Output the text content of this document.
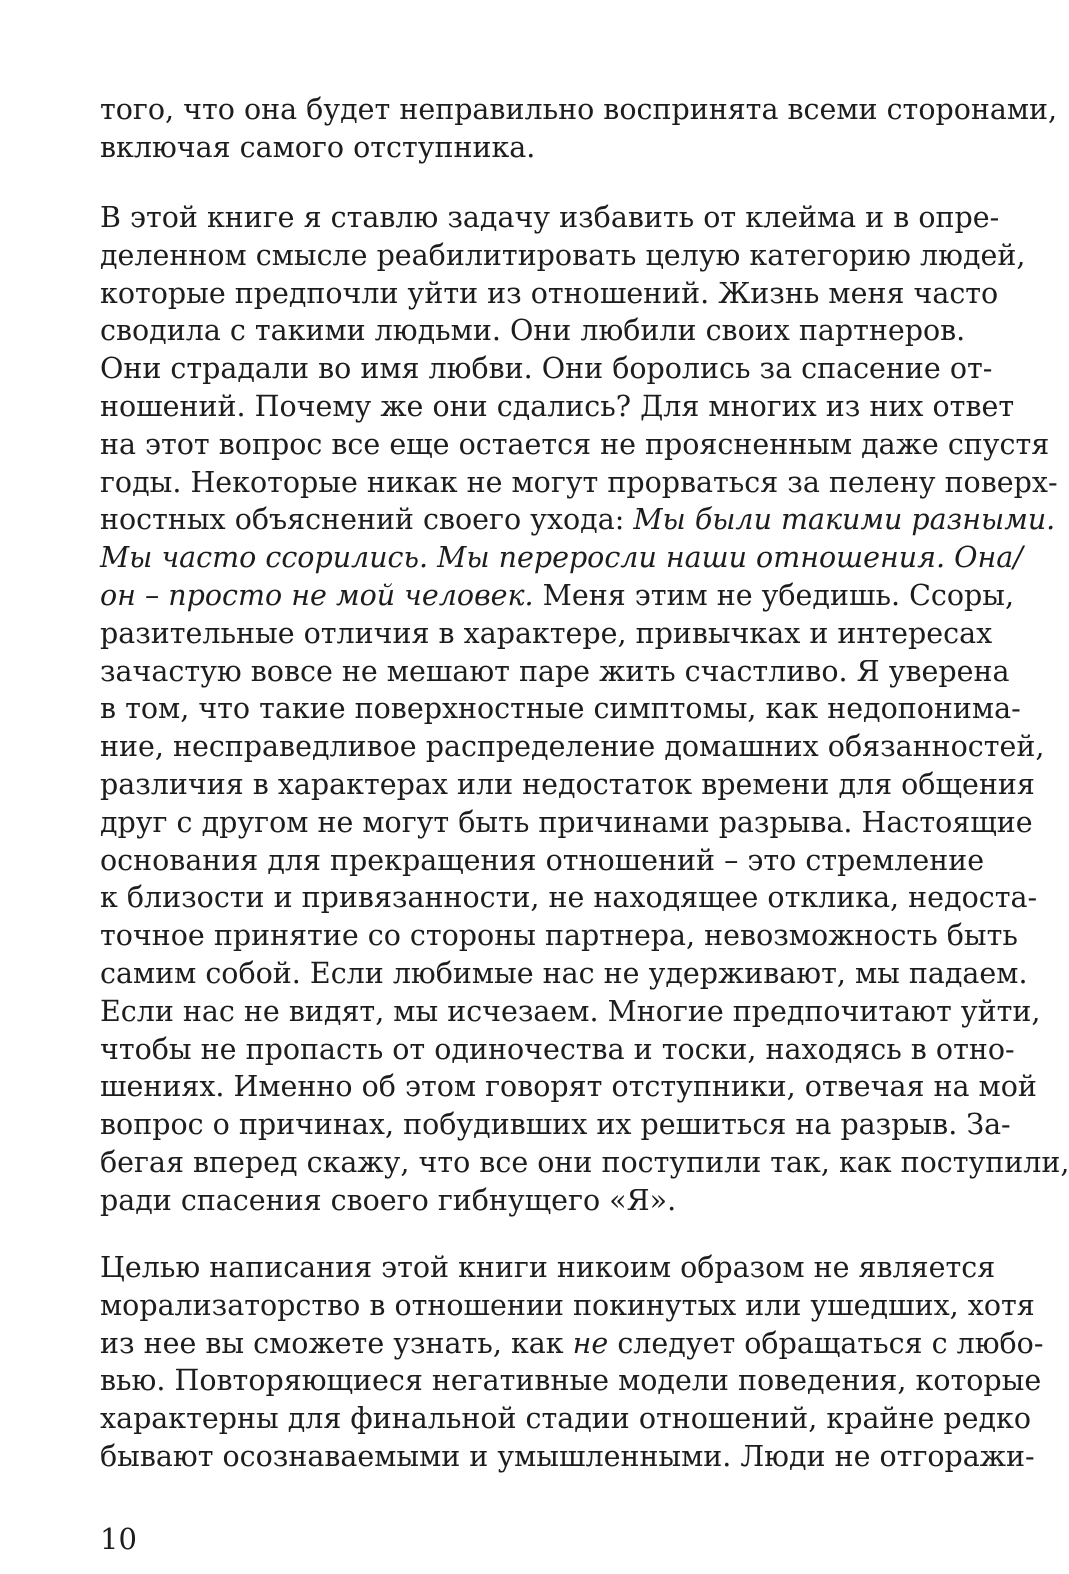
того, что она будет неправильно воспринята всеми сторонами,
включая самого отступника.
В этой книге я ставлю задачу избавить от клейма и в опре-
деленном смысле реабилитировать целую категорию людей,
которые предпочли уйти из отношений. Жизнь меня часто
сводила с такими людьми. Они любили своих партнеров.
Они страдали во имя любви. Они боролись за спасение от-
ношений. Почему же они сдались? Для многих из них ответ
на этот вопрос все еще остается не проясненным даже спустя
годы. Некоторые никак не могут прорваться за пелену поверх-
ностных объяснений своего ухода: Мы были такими разными.
Мы часто ссорились. Мы переросли наши отношения. Она/
он – просто не мой человек. Меня этим не убедишь. Ссоры,
разительные отличия в характере, привычках и интересах
зачастую вовсе не мешают паре жить счастливо. Я уверена
в том, что такие поверхностные симптомы, как недопонима-
ние, несправедливое распределение домашних обязанностей,
различия в характерах или недостаток времени для общения
друг с другом не могут быть причинами разрыва. Настоящие
основания для прекращения отношений – это стремление
к близости и привязанности, не находящее отклика, недоста-
точное принятие со стороны партнера, невозможность быть
самим собой. Если любимые нас не удерживают, мы падаем.
Если нас не видят, мы исчезаем. Многие предпочитают уйти,
чтобы не пропасть от одиночества и тоски, находясь в отно-
шениях. Именно об этом говорят отступники, отвечая на мой
вопрос о причинах, побудивших их решиться на разрыв. За-
бегая вперед скажу, что все они поступили так, как поступили,
ради спасения своего гибнущего «Я».
Целью написания этой книги никоим образом не является
морализаторство в отношении покинутых или ушедших, хотя
из нее вы сможете узнать, как не следует обращаться с любо-
вью. Повторяющиеся негативные модели поведения, которые
характерны для финальной стадии отношений, крайне редко
бывают осознаваемыми и умышленными. Люди не отгоражи-
10
